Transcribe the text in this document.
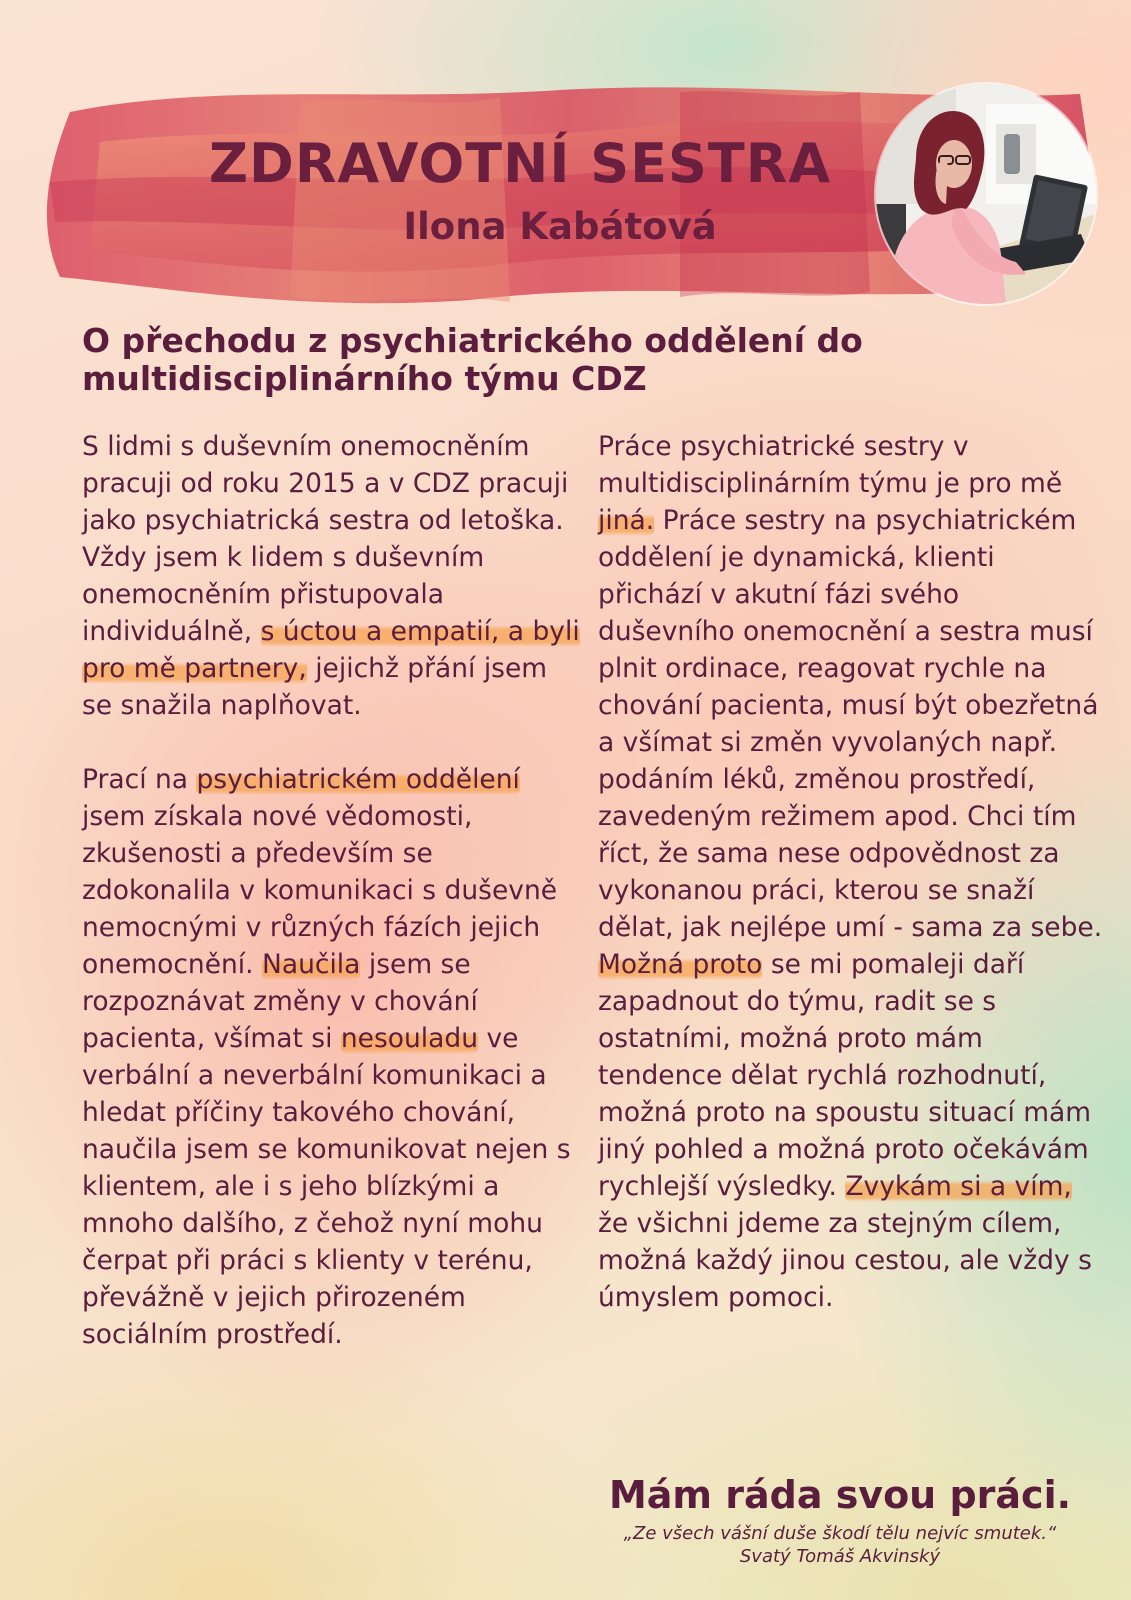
ZDRAVOTNÍ SESTRA
Ilona Kabátová
O přechodu z psychiatrického oddělení do multidisciplinárního týmu CDZ

S lidmi s duševním onemocněním pracuji od roku 2015 a v CDZ pracuji jako psychiatrická sestra od letoška. Vždy jsem k lidem s duševním onemocněním přistupovala individuálně, s úctou a empatií, a byli pro mě partnery, jejichž přání jsem se snažila naplňovat.

Prací na psychiatrickém oddělení jsem získala nové vědomosti, zkušenosti a především se zdokonalila v komunikaci s duševně nemocnými v různých fázích jejich onemocnění. Naučila jsem se rozpoznávat změny v chování pacienta, všímat si nesouladu ve verbální a neverbální komunikaci a hledat příčiny takového chování, naučila jsem se komunikovat nejen s klientem, ale i s jeho blízkými a mnoho dalšího, z čehož nyní mohu čerpat při práci s klienty v terénu, převážně v jejich přirozeném sociálním prostředí.

Práce psychiatrické sestry v multidisciplinárním týmu je pro mě jiná. Práce sestry na psychiatrickém oddělení je dynamická, klienti přichází v akutní fázi svého duševního onemocnění a sestra musí plnit ordinace, reagovat rychle na chování pacienta, musí být obezřetná a všímat si změn vyvolaných např. podáním léků, změnou prostředí, zavedeným režimem apod. Chci tím říct, že sama nese odpovědnost za vykonanou práci, kterou se snaží dělat, jak nejlépe umí - sama za sebe.

Možná proto se mi pomaleji daří zapadnout do týmu, radit se s ostatními, možná proto mám tendence dělat rychlá rozhodnutí, možná proto na spoustu situací mám jiný pohled a možná proto očekávám rychlejší výsledky. Zvykám si a vím, že všichni jdeme za stejným cílem, možná každý jinou cestou, ale vždy s úmyslem pomoci.

Mám ráda svou práci.

„Ze všech vášní duše škodí tělu nejvíc smutek.“
Svatý Tomáš Akvinský
